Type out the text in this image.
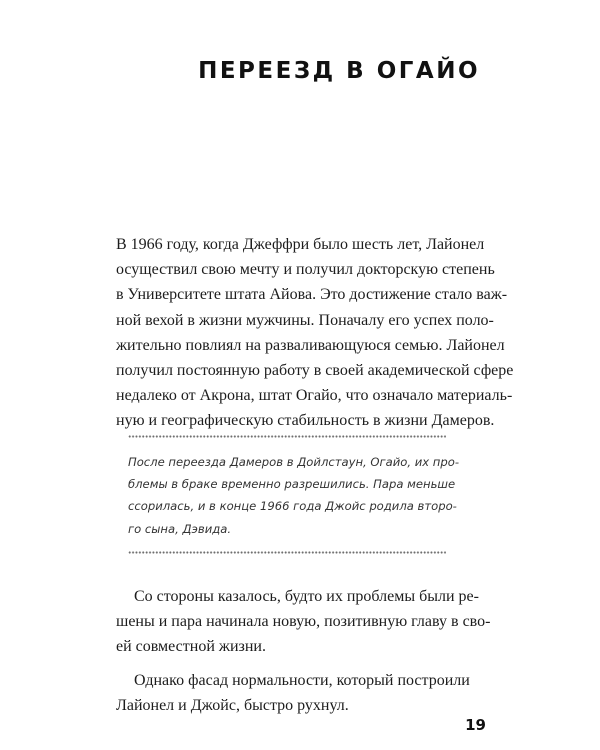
ПЕРЕЕЗД В ОГАЙО
В 1966 году, когда Джеффри было шесть лет, Лайонел
осуществил свою мечту и получил докторскую степень
в Университете штата Айова. Это достижение стало важ-
ной вехой в жизни мужчины. Поначалу его успех поло-
жительно повлиял на разваливающуюся семью. Лайонел
получил постоянную работу в своей академической сфере
недалеко от Акрона, штат Огайо, что означало материаль-
ную и географическую стабильность в жизни Дамеров.
После переезда Дамеров в Дойлстаун, Огайо, их про-
блемы в браке временно разрешились. Пара меньше
ссорилась, и в конце 1966 года Джойс родила второ-
го сына, Дэвида.
Со стороны казалось, будто их проблемы были ре-
шены и пара начинала новую, позитивную главу в сво-
ей совместной жизни.
Однако фасад нормальности, который построили
Лайонел и Джойс, быстро рухнул.
19
